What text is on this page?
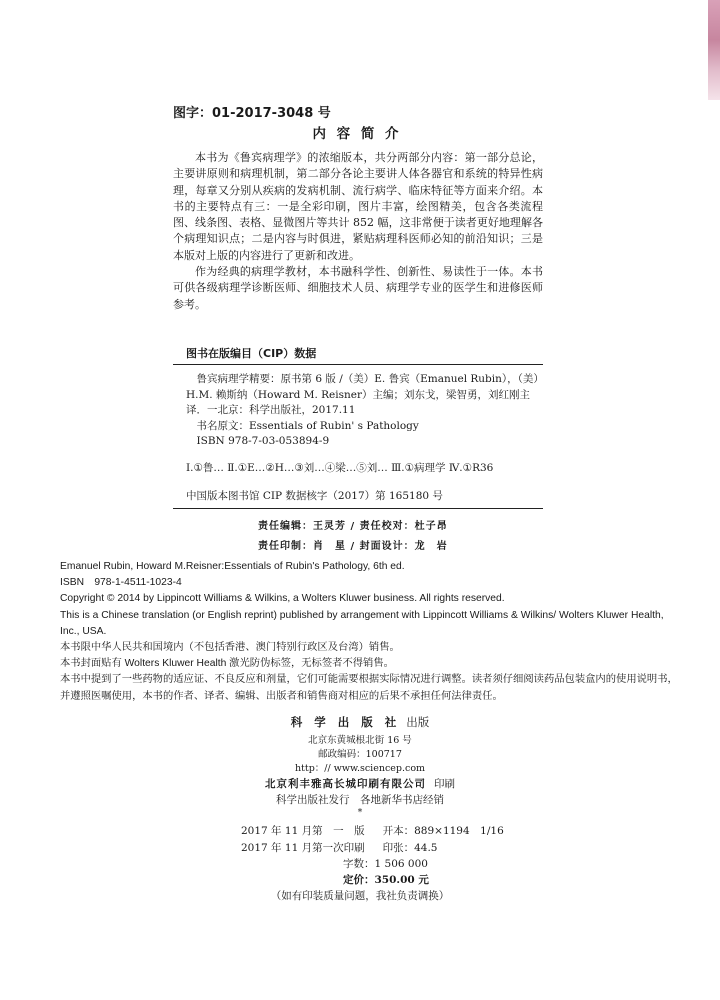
图字：01-2017-3048 号
内 容 简 介

本书为《鲁宾病理学》的浓缩版本，共分两部分内容：第一部分总论，主要讲原则和病理机制，第二部分各论主要讲人体各器官和系统的特异性病理，每章又分别从疾病的发病机制、流行病学、临床特征等方面来介绍。本书的主要特点有三：一是全彩印刷，图片丰富，绘图精美，包含各类流程图、线条图、表格、显微图片等共计 852 幅，这非常便于读者更好地理解各个病理知识点；二是内容与时俱进，紧贴病理科医师必知的前沿知识；三是本版对上版的内容进行了更新和改进。

作为经典的病理学教材，本书融科学性、创新性、易读性于一体。本书可供各级病理学诊断医师、细胞技术人员、病理学专业的医学生和进修医师参考。

图书在版编目（CIP）数据

鲁宾病理学精要：原书第 6 版 /（美）E. 鲁宾（Emanuel Rubin），（美）H.M. 赖斯纳（Howard M. Reisner）主编；刘东戈，梁智勇，刘红刚主译．一北京：科学出版社，2017.11

书名原文：Essentials of Rubin' s Pathology

ISBN 978-7-03-053894-9

Ⅰ.①鲁… Ⅱ.①E…②H…③刘…④梁…⑤刘… Ⅲ.①病理学 Ⅳ.①R36
中国版本图书馆 CIP 数据核字（2017）第 165180 号
责任编辑：王灵芳 / 责任校对：杜子昂
责任印制：肖　星 / 封面设计：龙　岩

Emanuel Rubin, Howard M.Reisner:Essentials of Rubin's Pathology, 6th ed.

ISBN　978-1-4511-1023-4

Copyright © 2014 by Lippincott Williams & Wilkins, a Wolters Kluwer business. All rights reserved.

This is a Chinese translation (or English reprint) published by arrangement with Lippincott Williams & Wilkins/ Wolters Kluwer Health, Inc., USA.

本书限中华人民共和国境内（不包括香港、澳门特别行政区及台湾）销售。

本书封面贴有 Wolters Kluwer Health 激光防伪标签，无标签者不得销售。

本书中提到了一些药物的适应证、不良反应和剂量，它们可能需要根据实际情况进行调整。读者须仔细阅读药品包装盒内的使用说明书，并遵照医嘱使用，本书的作者、译者、编辑、出版者和销售商对相应的后果不承担任何法律责任。

科 学 出 版 社 出版
北京东黄城根北街 16 号
邮政编码：100717
http：// www.sciencep.com
北京利丰雅高长城印刷有限公司 印刷
科学出版社发行　各地新华书店经销
*
2017 年 11 月第　一　版 开本：889×1194　1/16
2017 年 11 月第一次印刷 印张：44.5
字数：1 506 000
定价：350.00 元
（如有印装质量问题，我社负责调换）
